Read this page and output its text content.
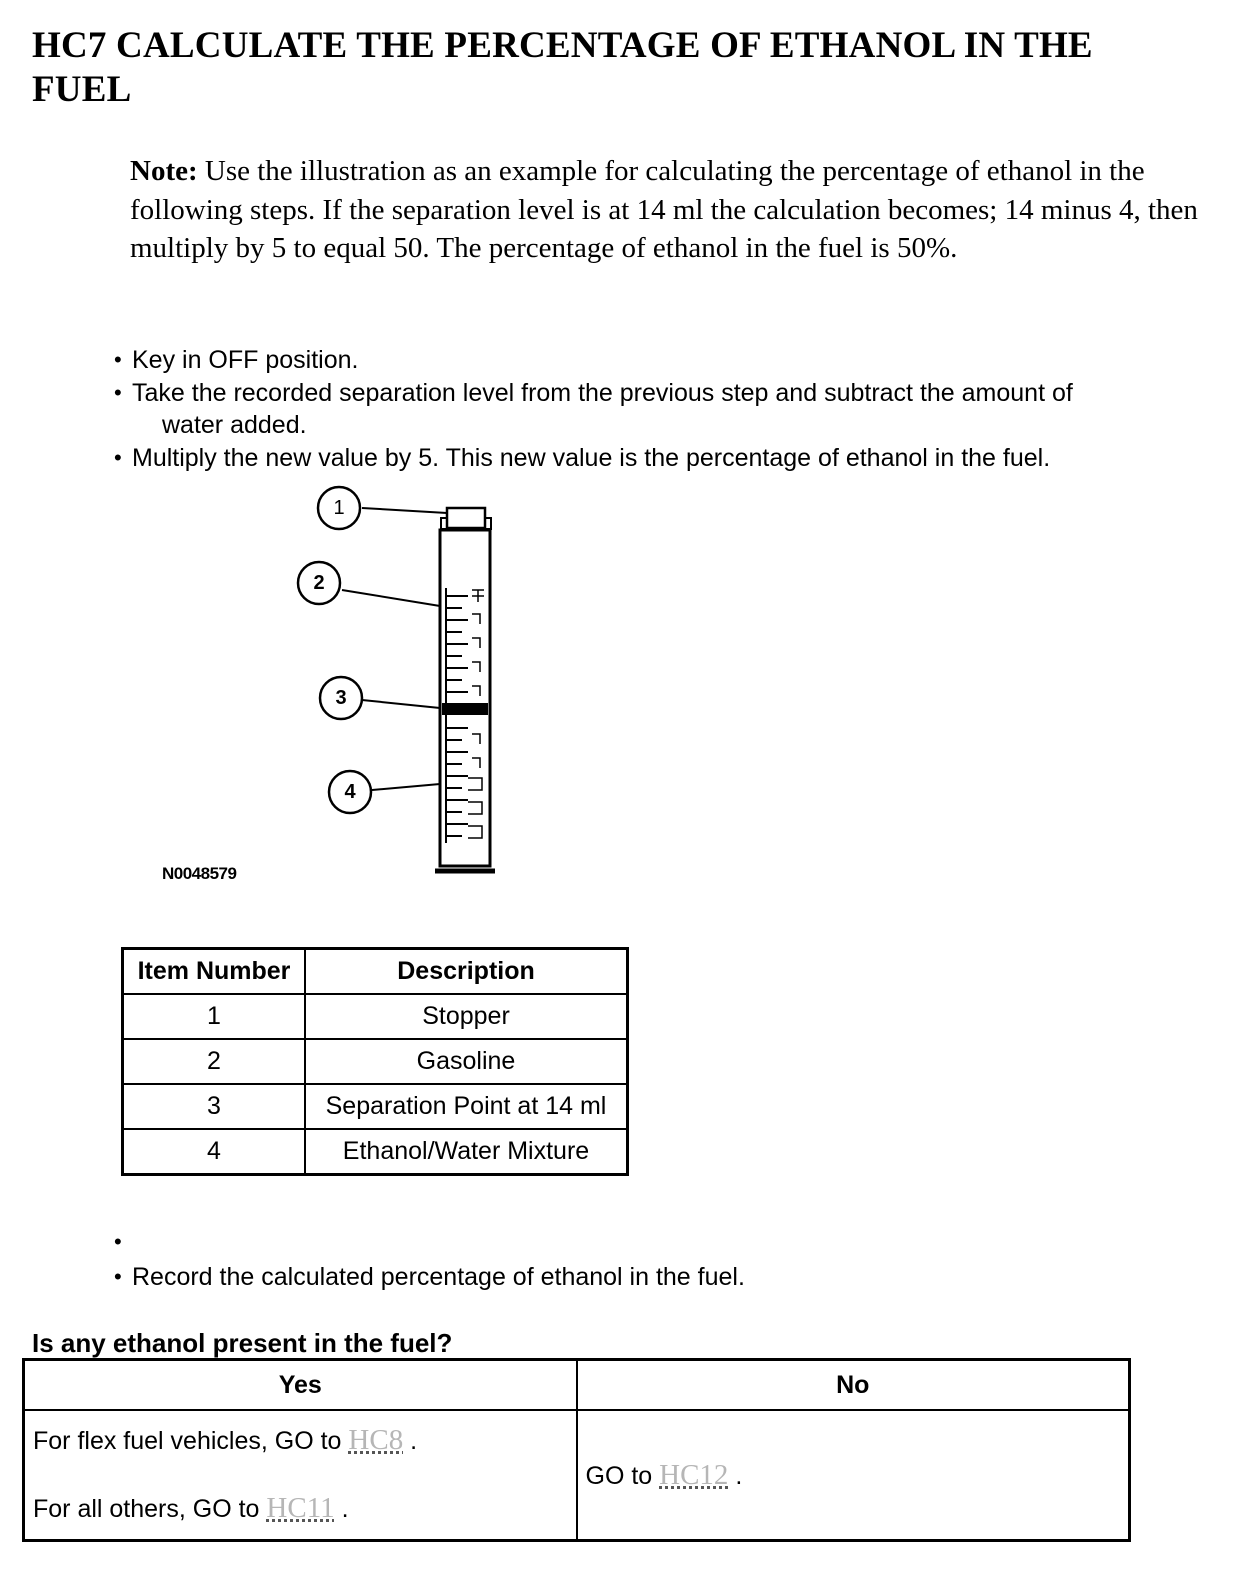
HC7 CALCULATE THE PERCENTAGE OF ETHANOL IN THE FUEL

Note: Use the illustration as an example for calculating the percentage of ethanol in the following steps. If the separation level is at 14 ml the calculation becomes; 14 minus 4, then multiply by 5 to equal 50. The percentage of ethanol in the fuel is 50%.

• Key in OFF position.
• Take the recorded separation level from the previous step and subtract the amount of
water added.
• Multiply the new value by 5. This new value is the percentage of ethanol in the fuel.
1
2
3
4
N0048579
Item Number	Description
1	Stopper
2	Gasoline
3	Separation Point at 14 ml
4	Ethanol/Water Mixture
•
• Record the calculated percentage of ethanol in the fuel.
Is any ethanol present in the fuel?
Yes	No

For flex fuel vehicles, GO to HC8 .
For all others, GO to HC11 .	GO to HC12 .
